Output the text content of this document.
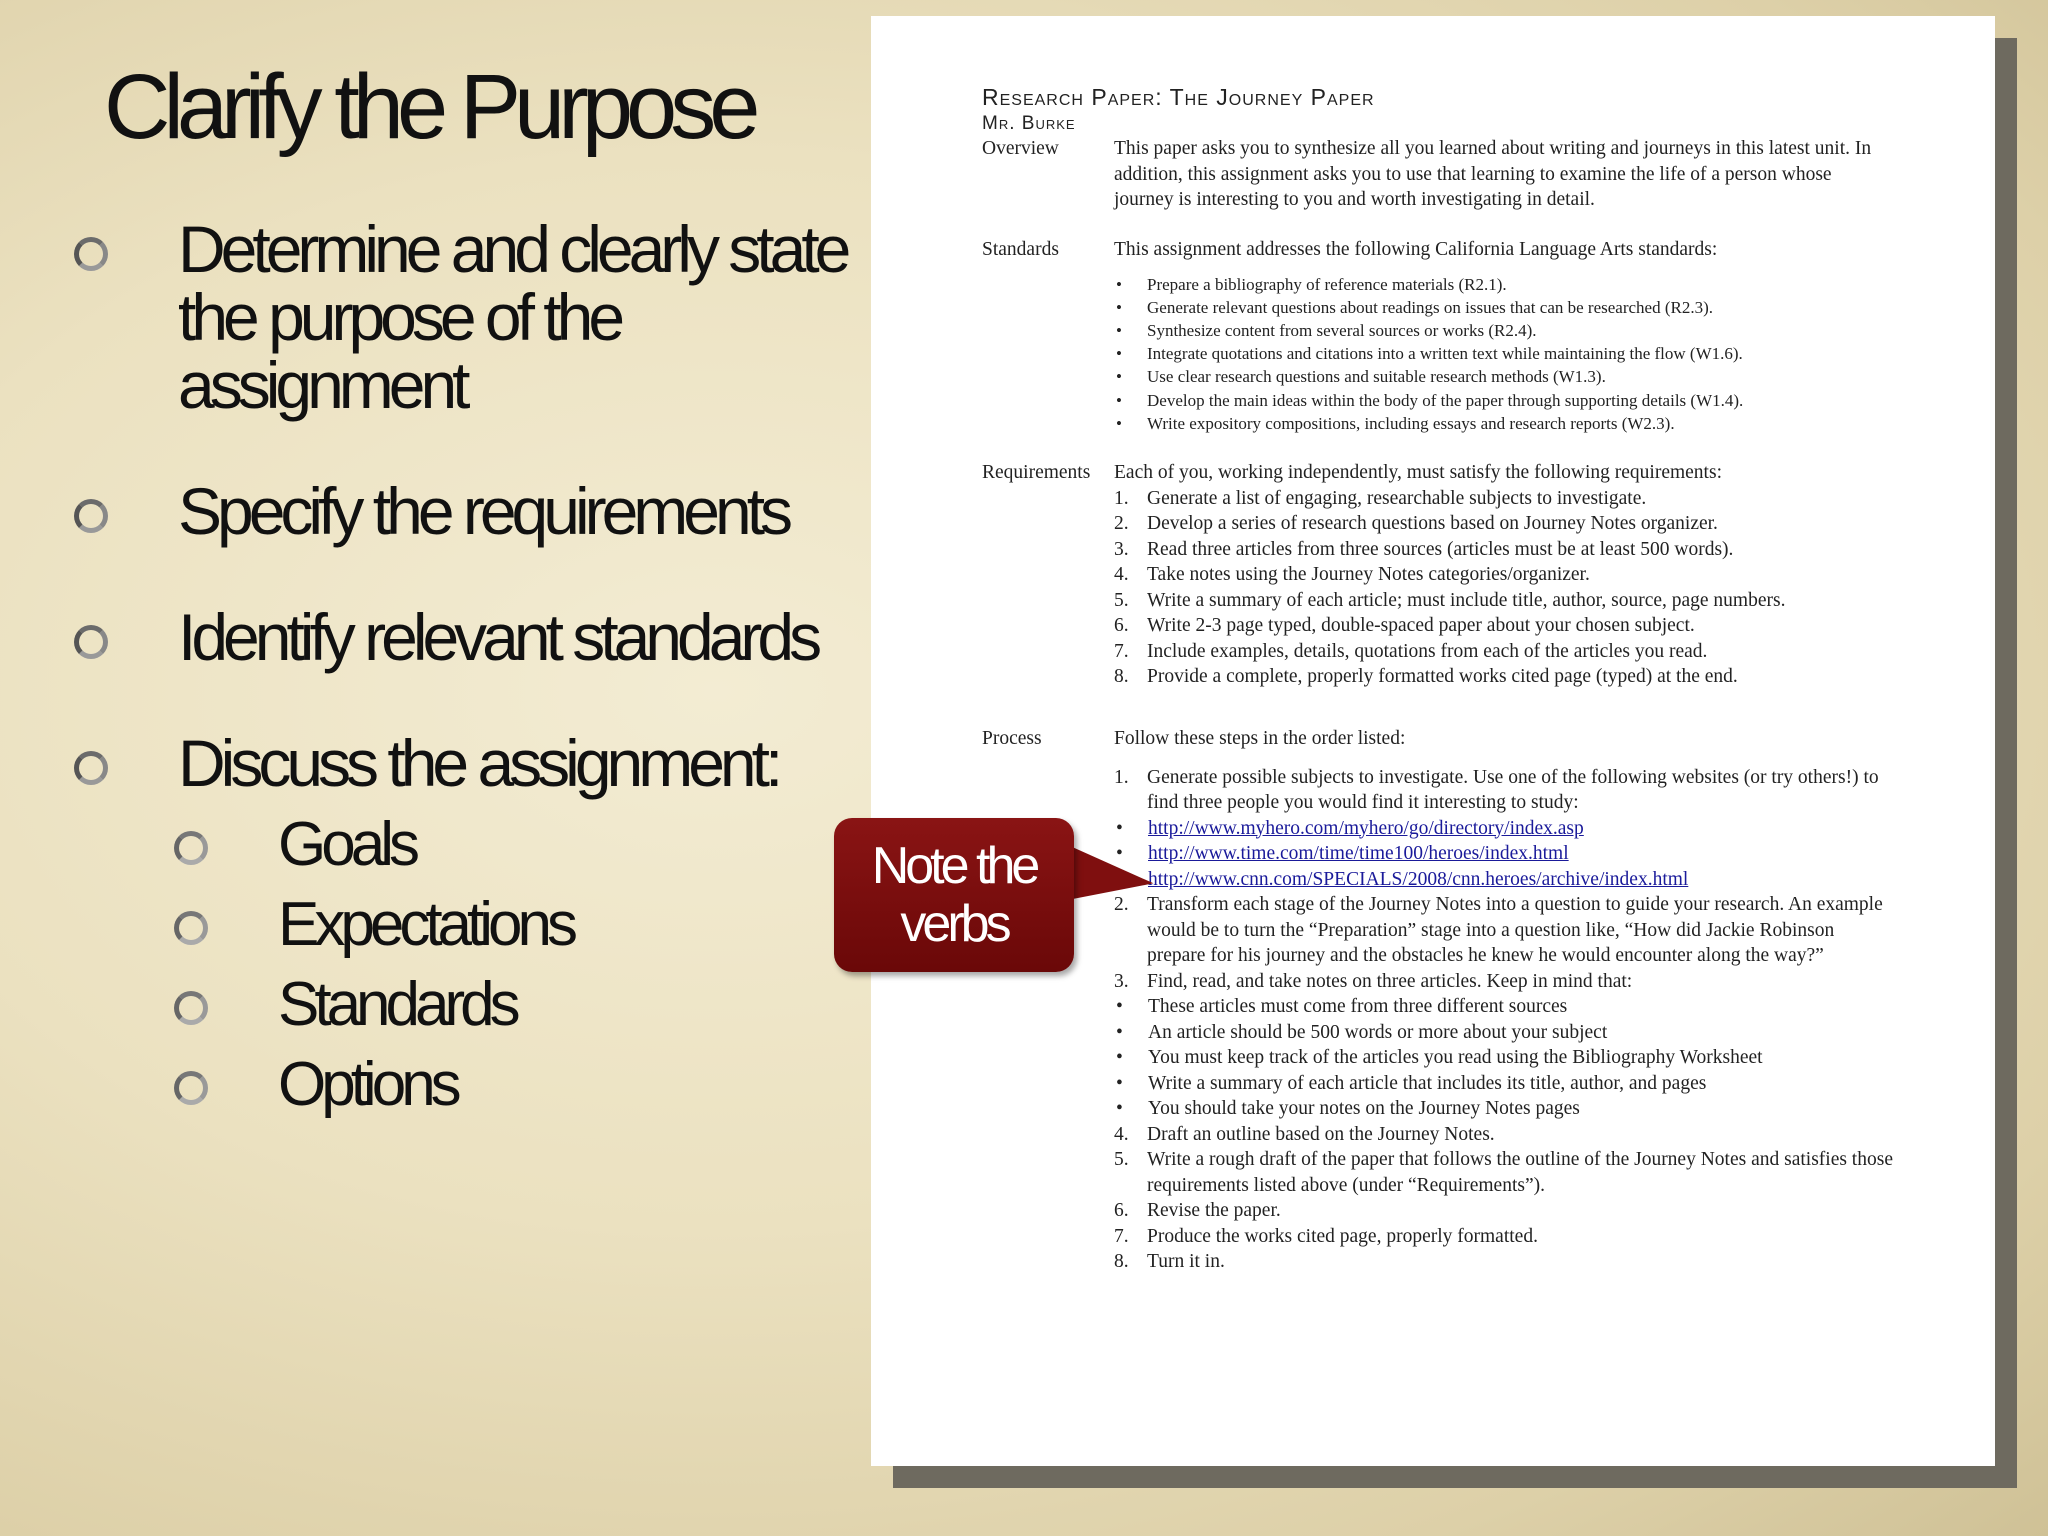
Clarify the Purpose
Determine and clearly state the purpose of the assignment
Specify the requirements
Identify relevant standards
Discuss the assignment:
Goals
Expectations
Standards
Options
Research Paper: The Journey Paper
Mr. Burke
Overview	This paper asks you to synthesize all you learned about writing and journeys in this latest unit. In addition, this assignment asks you to use that learning to examine the life of a person whose journey is interesting to you and worth investigating in detail.
Standards	This assignment addresses the following California Language Arts standards:
• Prepare a bibliography of reference materials (R2.1).
• Generate relevant questions about readings on issues that can be researched (R2.3).
• Synthesize content from several sources or works (R2.4).
• Integrate quotations and citations into a written text while maintaining the flow (W1.6).
• Use clear research questions and suitable research methods (W1.3).
• Develop the main ideas within the body of the paper through supporting details (W1.4).
• Write expository compositions, including essays and research reports (W2.3).
Requirements	Each of you, working independently, must satisfy the following requirements:
1. Generate a list of engaging, researchable subjects to investigate.
2. Develop a series of research questions based on Journey Notes organizer.
3. Read three articles from three sources (articles must be at least 500 words).
4. Take notes using the Journey Notes categories/organizer.
5. Write a summary of each article; must include title, author, source, page numbers.
6. Write 2-3 page typed, double-spaced paper about your chosen subject.
7. Include examples, details, quotations from each of the articles you read.
8. Provide a complete, properly formatted works cited page (typed) at the end.
Process	Follow these steps in the order listed:
1. Generate possible subjects to investigate. Use one of the following websites (or try others!) to find three people you would find it interesting to study:
• http://www.myhero.com/myhero/go/directory/index.asp
• http://www.time.com/time/time100/heroes/index.html
• http://www.cnn.com/SPECIALS/2008/cnn.heroes/archive/index.html
2. Transform each stage of the Journey Notes into a question to guide your research. An example would be to turn the “Preparation” stage into a question like, “How did Jackie Robinson prepare for his journey and the obstacles he knew he would encounter along the way?”
3. Find, read, and take notes on three articles. Keep in mind that:
• These articles must come from three different sources
• An article should be 500 words or more about your subject
• You must keep track of the articles you read using the Bibliography Worksheet
• Write a summary of each article that includes its title, author, and pages
• You should take your notes on the Journey Notes pages
4. Draft an outline based on the Journey Notes.
5. Write a rough draft of the paper that follows the outline of the Journey Notes and satisfies those requirements listed above (under “Requirements”).
6. Revise the paper.
7. Produce the works cited page, properly formatted.
8. Turn it in.
Note the
verbs
